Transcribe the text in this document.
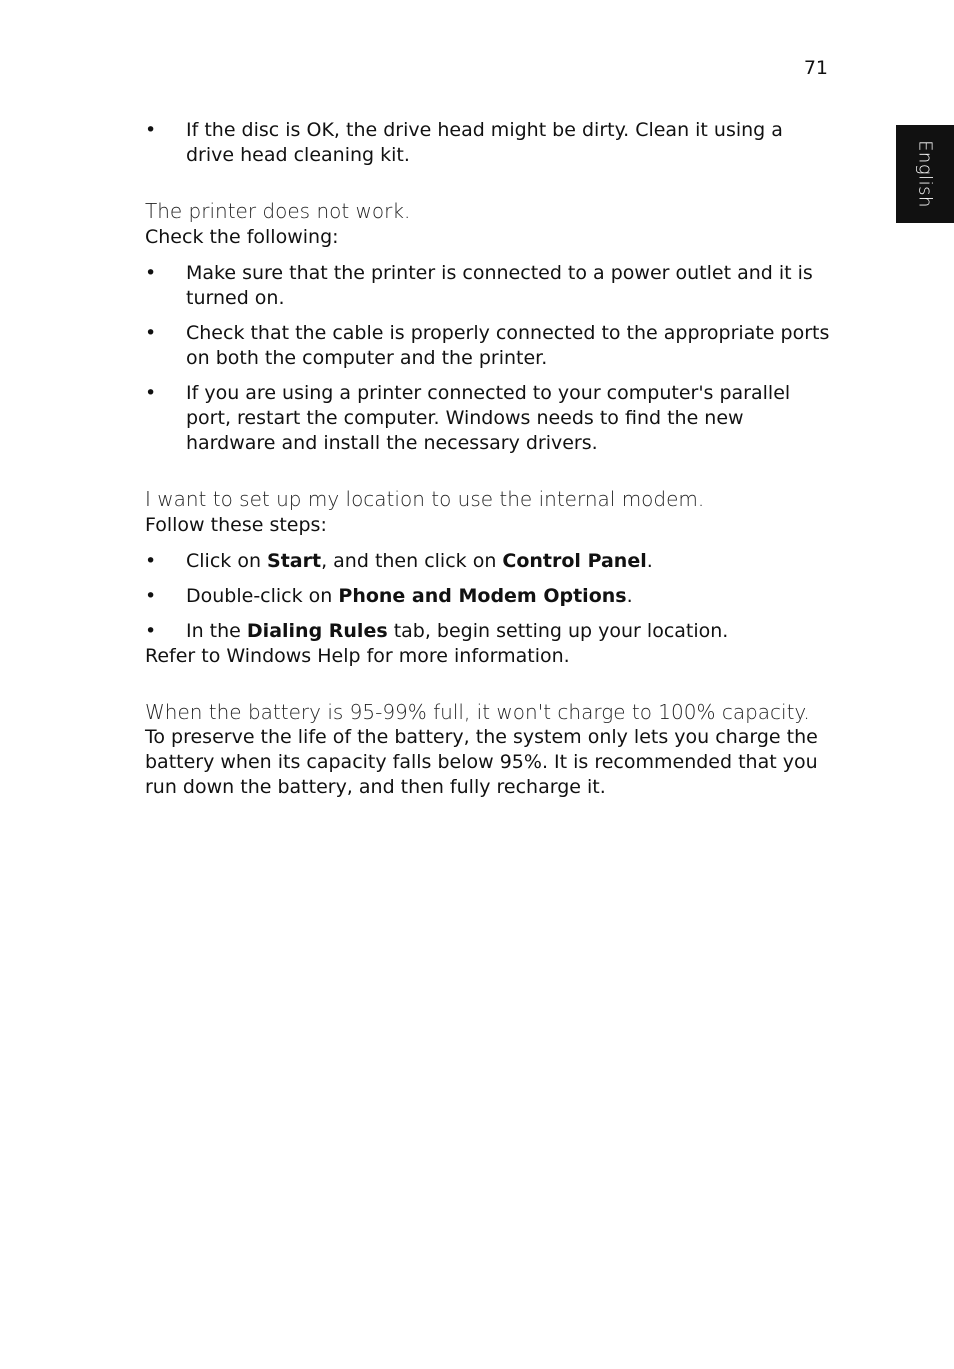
71
English
• If the disc is OK, the drive head might be dirty. Clean it using a drive head cleaning kit.
The printer does not work.
Check the following:
• Make sure that the printer is connected to a power outlet and it is turned on.
• Check that the cable is properly connected to the appropriate ports on both the computer and the printer.
• If you are using a printer connected to your computer's parallel port, restart the computer. Windows needs to find the new hardware and install the necessary drivers.
I want to set up my location to use the internal modem.
Follow these steps:
• Click on Start, and then click on Control Panel.
• Double-click on Phone and Modem Options.
• In the Dialing Rules tab, begin setting up your location.
Refer to Windows Help for more information.
When the battery is 95-99% full, it won't charge to 100% capacity.
To preserve the life of the battery, the system only lets you charge the battery when its capacity falls below 95%. It is recommended that you run down the battery, and then fully recharge it.
